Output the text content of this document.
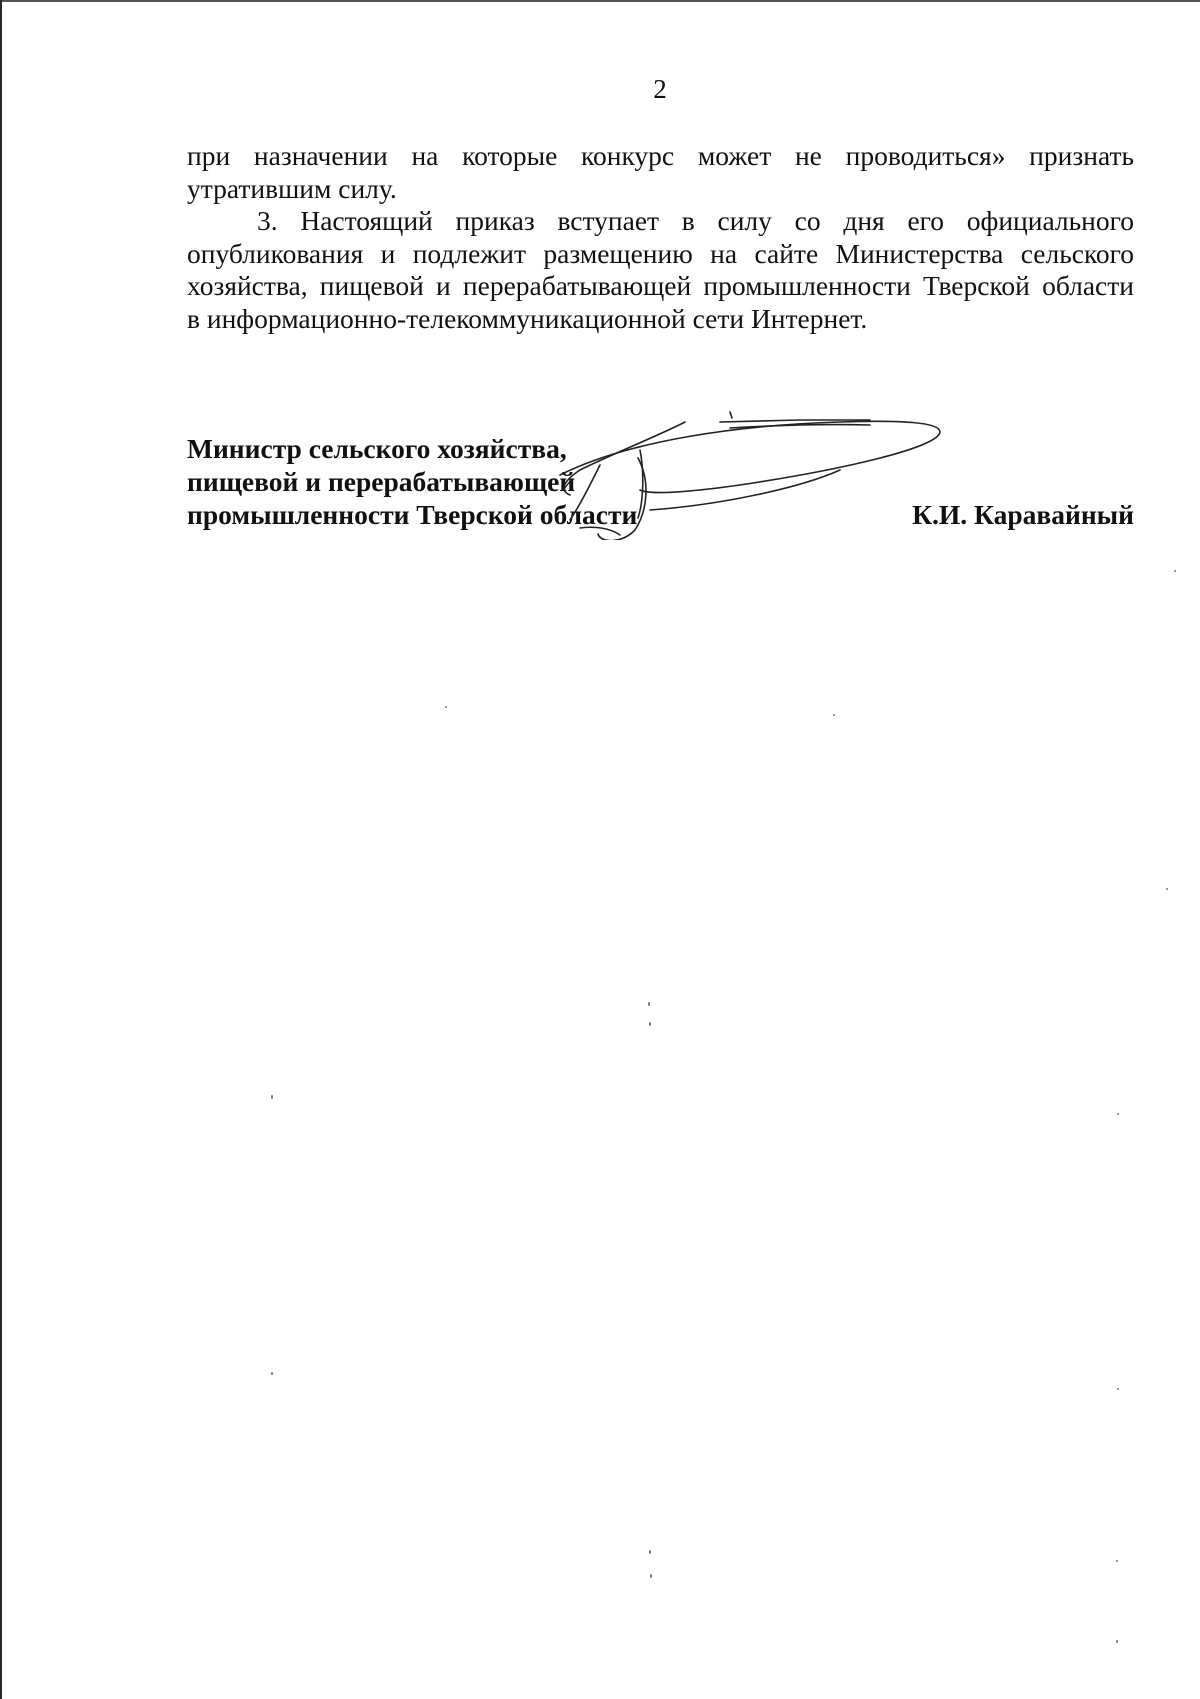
2
при назначении на которые конкурс может не проводиться» признать
утратившим силу.
3. Настоящий приказ вступает в силу со дня его официального
опубликования и подлежит размещению на сайте Министерства сельского
хозяйства, пищевой и перерабатывающей промышленности Тверской области
в информационно-телекоммуникационной сети Интернет.
Министр сельского хозяйства,
пищевой и перерабатывающей
промышленности Тверской области	К.И. Каравайный
